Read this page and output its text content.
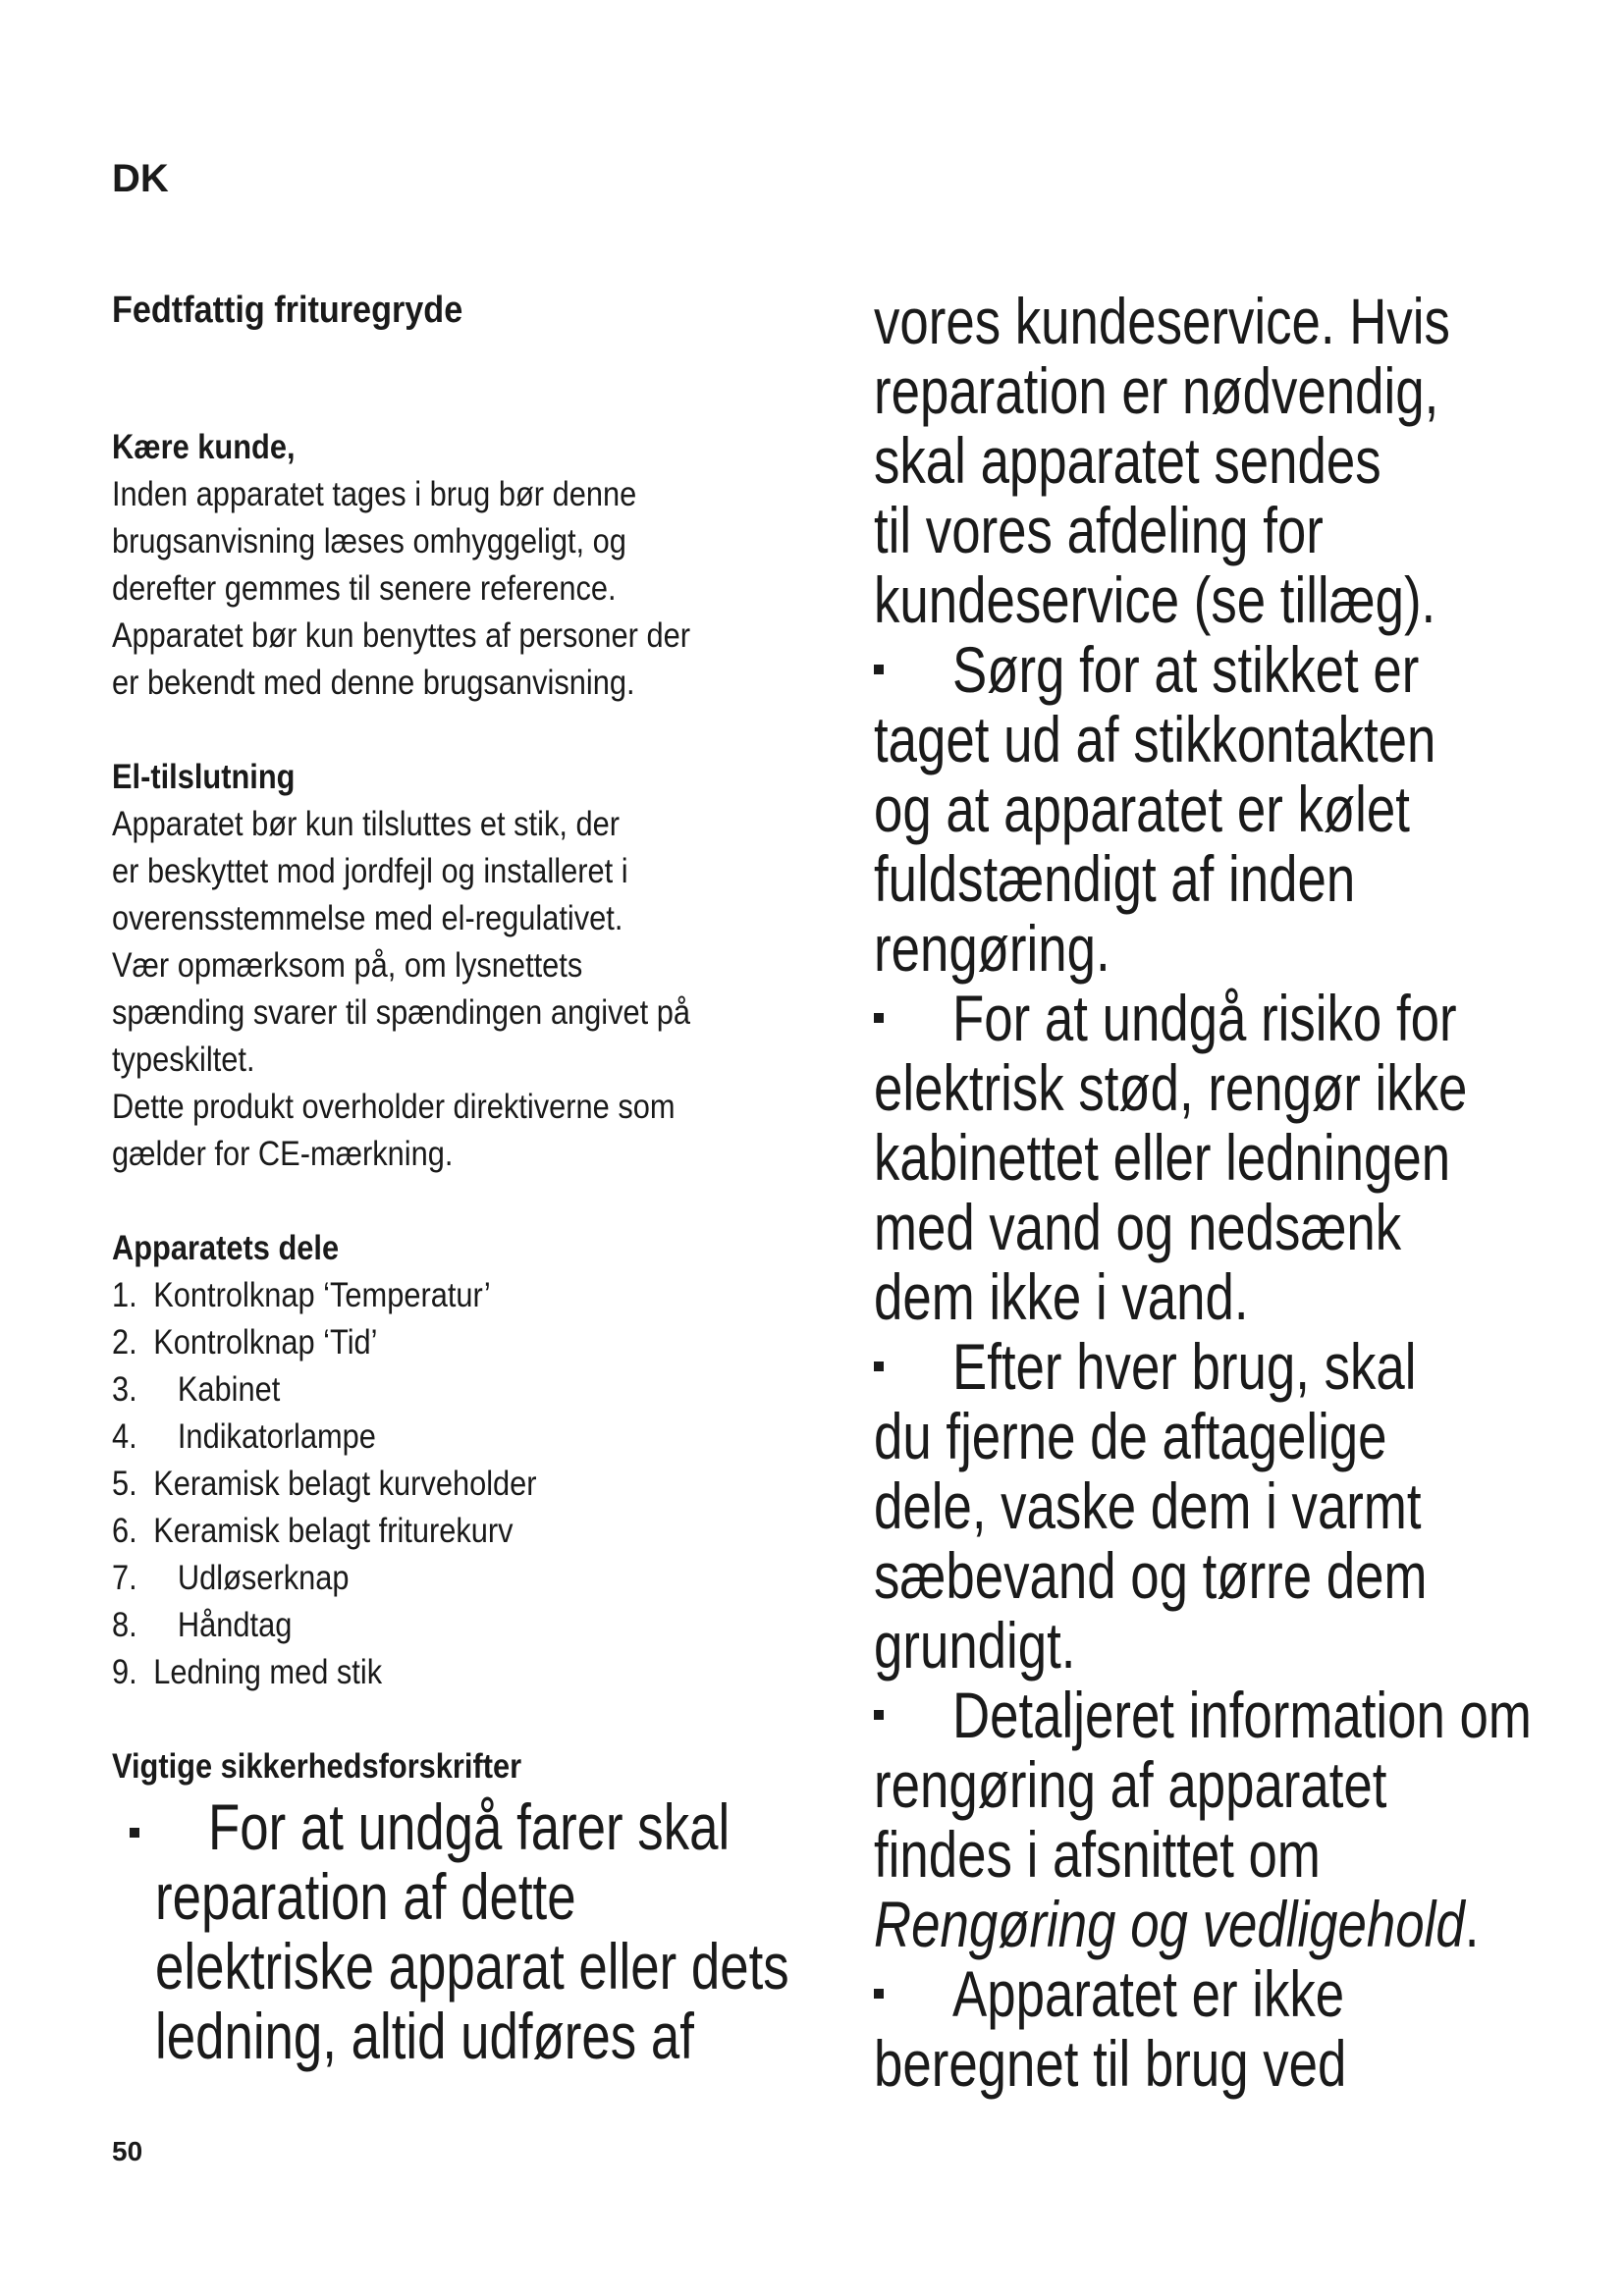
DK
Fedtfattig frituregryde
Kære kunde,
Inden apparatet tages i brug bør denne
brugsanvisning læses omhyggeligt, og
derefter gemmes til senere reference.
Apparatet bør kun benyttes af personer der
er bekendt med denne brugsanvisning.
El-tilslutning
Apparatet bør kun tilsluttes et stik, der
er beskyttet mod jordfejl og installeret i
overensstemmelse med el-regulativet.
Vær opmærksom på, om lysnettets
spænding svarer til spændingen angivet på
typeskiltet.
Dette produkt overholder direktiverne som
gælder for CE-mærkning.
Apparatets dele
1. Kontrolknap ‘Temperatur’
2. Kontrolknap ‘Tid’
3. Kabinet
4. Indikatorlampe
5. Keramisk belagt kurveholder
6. Keramisk belagt friturekurv
7. Udløserknap
8. Håndtag
9. Ledning med stik
Vigtige sikkerhedsforskrifter
For at undgå farer skal
reparation af dette
elektriske apparat eller dets
ledning, altid udføres af
vores kundeservice. Hvis
reparation er nødvendig,
skal apparatet sendes
til vores afdeling for
kundeservice (se tillæg).
Sørg for at stikket er
taget ud af stikkontakten
og at apparatet er kølet
fuldstændigt af inden
rengøring.
For at undgå risiko for
elektrisk stød, rengør ikke
kabinettet eller ledningen
med vand og nedsænk
dem ikke i vand.
Efter hver brug, skal
du fjerne de aftagelige
dele, vaske dem i varmt
sæbevand og tørre dem
grundigt.
Detaljeret information om
rengøring af apparatet
findes i afsnittet om
Rengøring og vedligehold.
Apparatet er ikke
beregnet til brug ved
50
